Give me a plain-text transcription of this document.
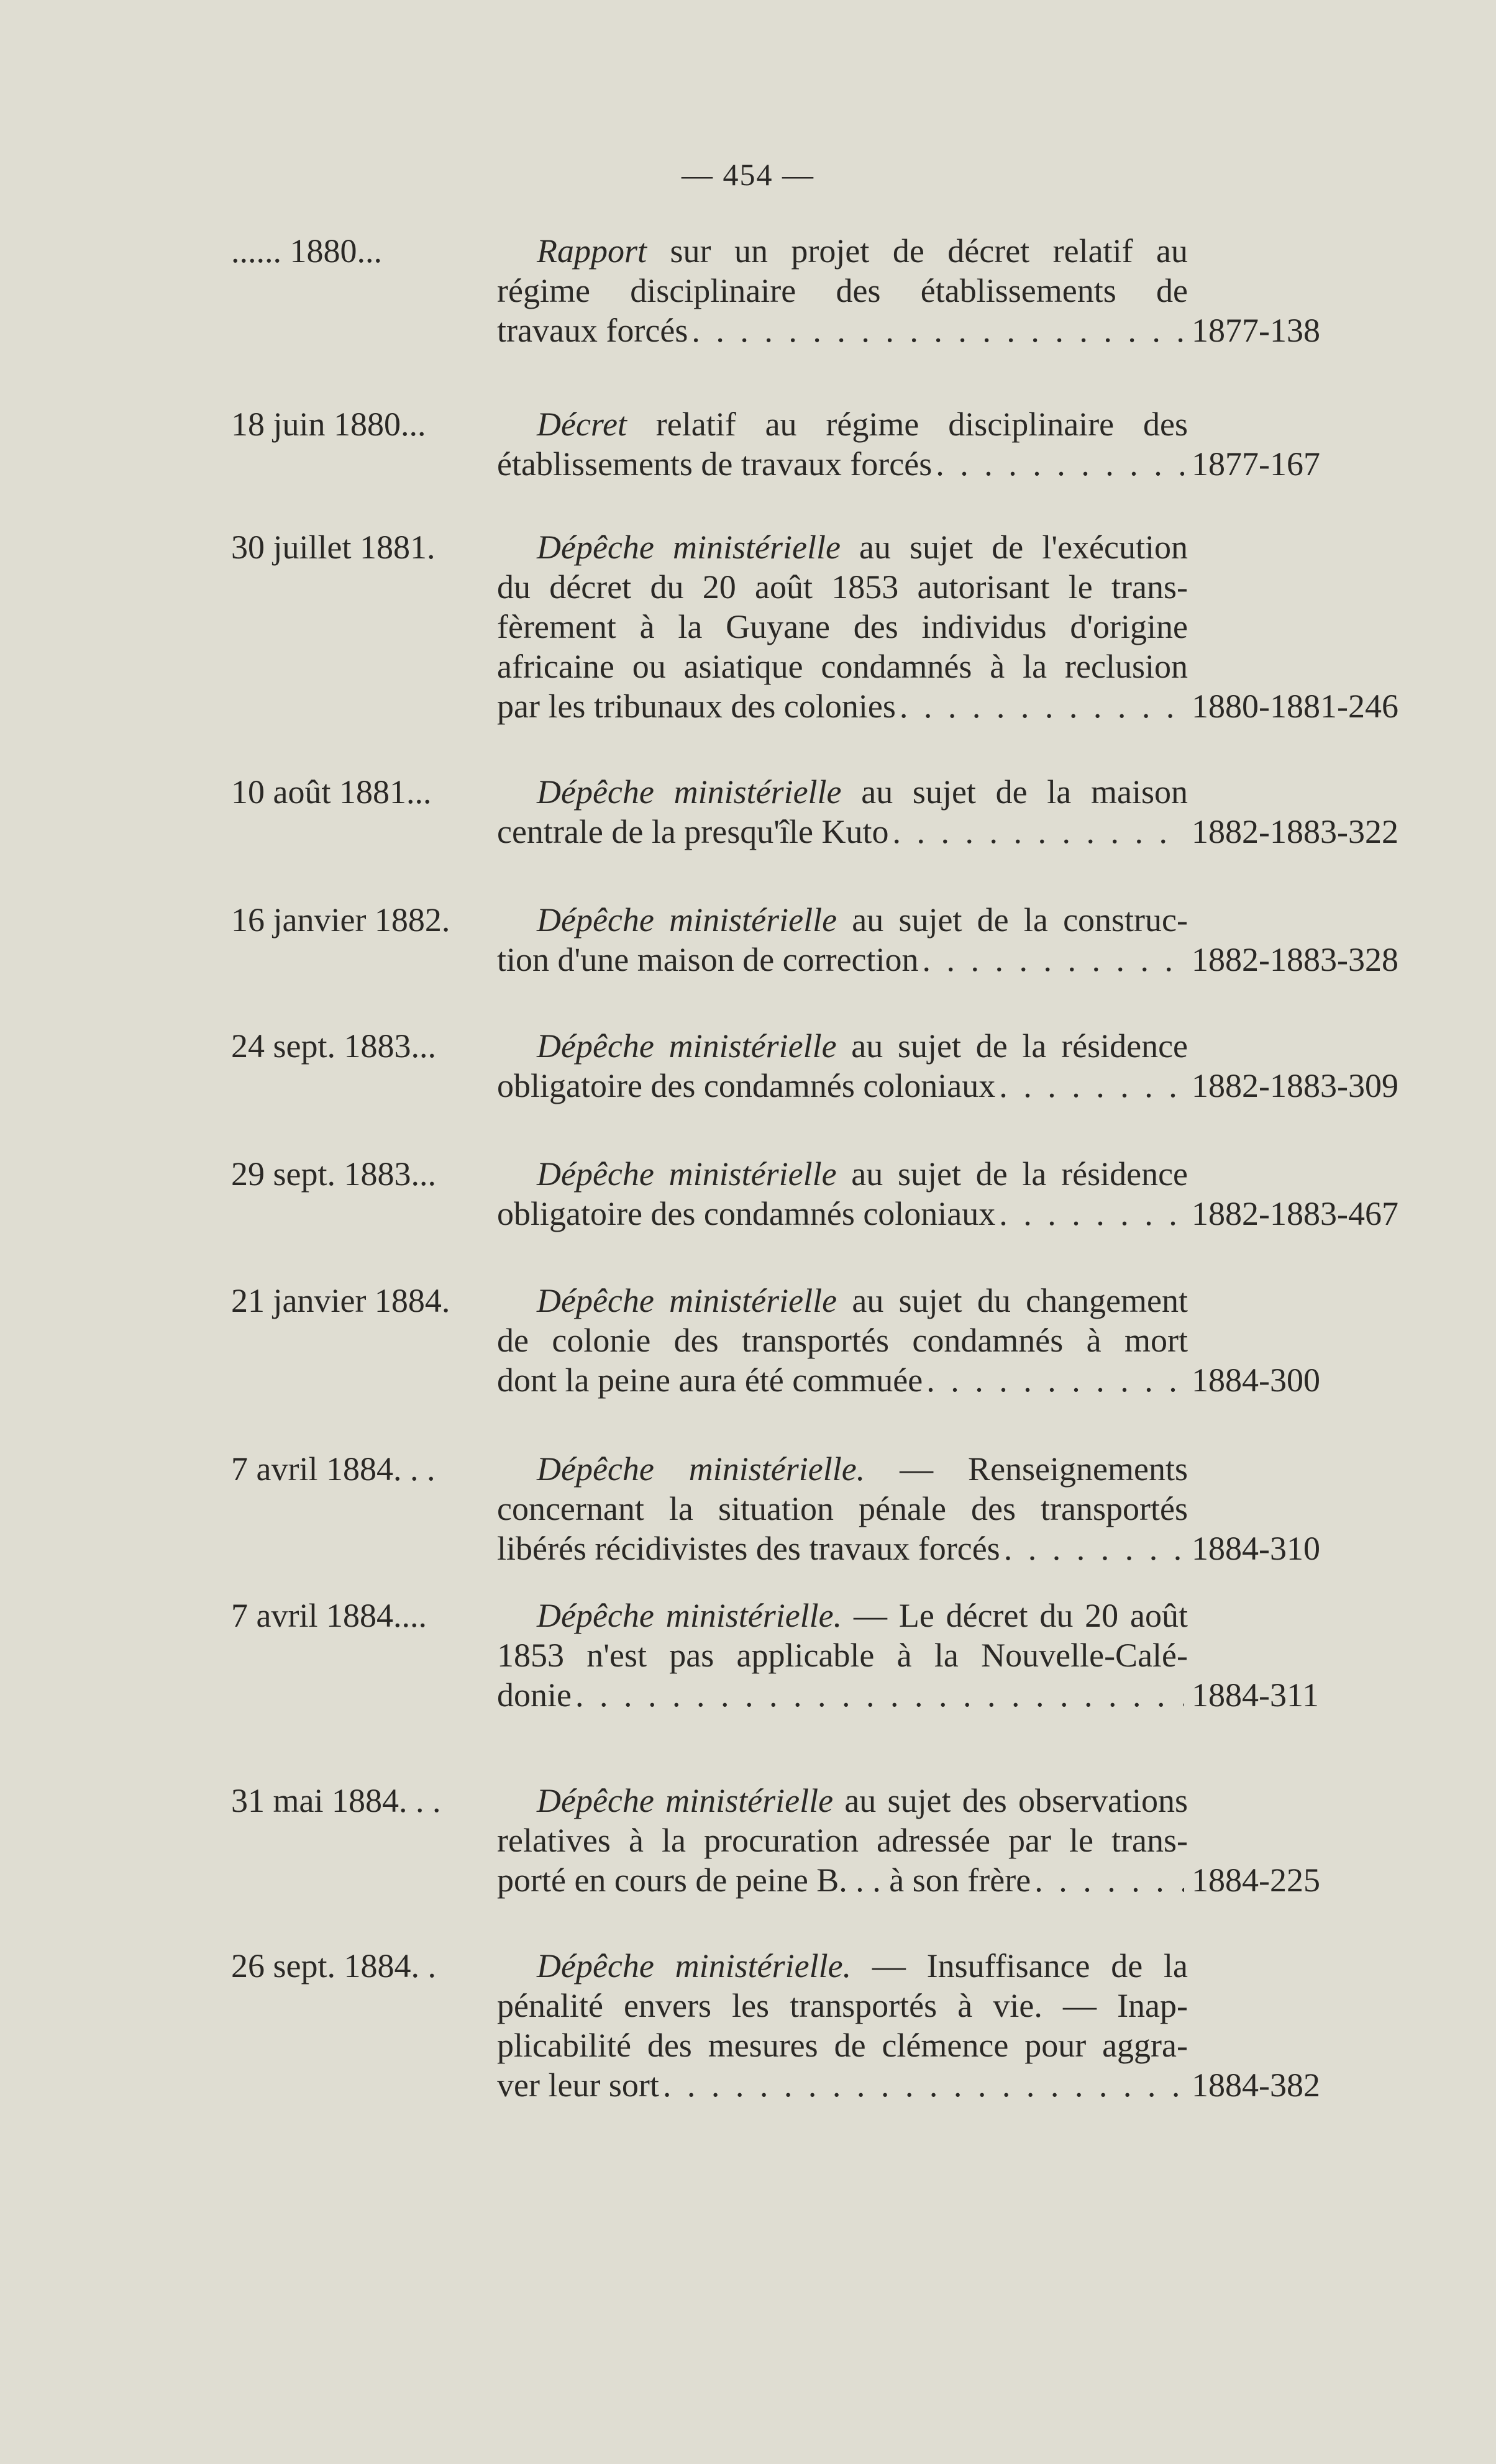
— 454 —
...... 1880...	Rapport sur un projet de décret relatif au
régime disciplinaire des établissements de
travaux forcés . . .	1877-138
18 juin 1880...	Décret relatif au régime disciplinaire des
établissements de travaux forcés . . .	1877-167
30 juillet 1881.	Dépêche ministérielle au sujet de l'exécution
du décret du 20 août 1853 autorisant le trans-
fèrement à la Guyane des individus d'origine
africaine ou asiatique condamnés à la reclusion
par les tribunaux des colonies . . .	1880-1881-246
10 août 1881...	Dépêche ministérielle au sujet de la maison
centrale de la presqu'île Kuto . . .	1882-1883-322
16 janvier 1882.	Dépêche ministérielle au sujet de la construc-
tion d'une maison de correction . . .	1882-1883-328
24 sept. 1883...	Dépêche ministérielle au sujet de la résidence
obligatoire des condamnés coloniaux . . .	1882-1883-309
29 sept. 1883...	Dépêche ministérielle au sujet de la résidence
obligatoire des condamnés coloniaux . . .	1882-1883-467
21 janvier 1884.	Dépêche ministérielle au sujet du changement
de colonie des transportés condamnés à mort
dont la peine aura été commuée . . .	1884-300
7 avril 1884. . .	Dépêche ministérielle. — Renseignements
concernant la situation pénale des transportés
libérés récidivistes des travaux forcés . . .	1884-310
7 avril 1884....	Dépêche ministérielle. — Le décret du 20 août
1853 n'est pas applicable à la Nouvelle-Calé-
donie . . .	1884-311
31 mai 1884. . .	Dépêche ministérielle au sujet des observations
relatives à la procuration adressée par le trans-
porté en cours de peine B. . . à son frère . . .	1884-225
26 sept. 1884. .	Dépêche ministérielle. — Insuffisance de la
pénalité envers les transportés à vie. — Inap-
plicabilité des mesures de clémence pour aggra-
ver leur sort . . .	1884-382
